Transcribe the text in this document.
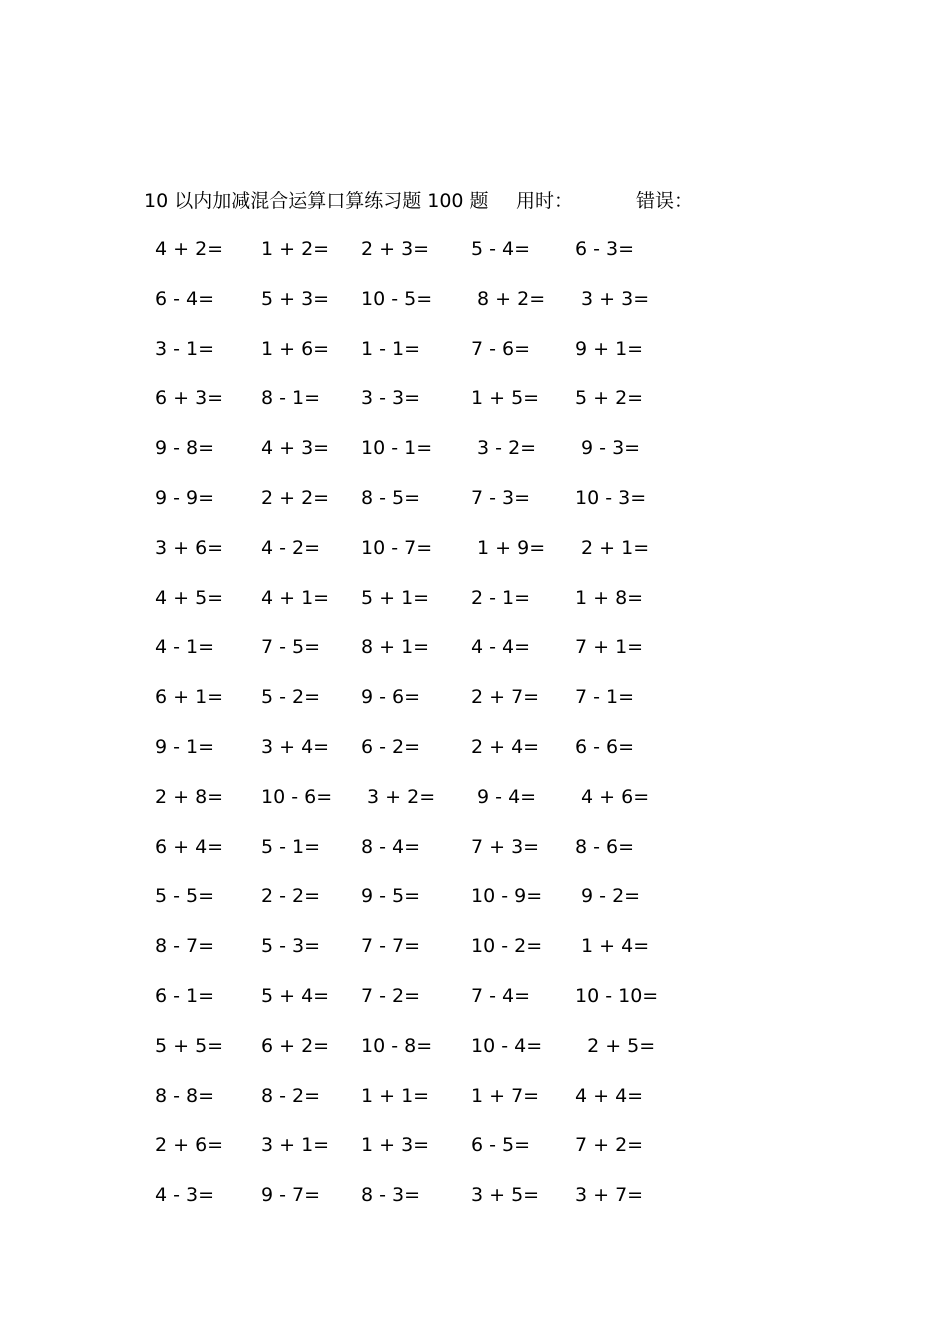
10 以内加减混合运算口算练习题 100 题 用时：	错误：
4 + 2= 1 + 2= 2 + 3= 5 - 4= 6 - 3=
6 - 4= 5 + 3= 10 - 5= 8 + 2= 3 + 3=
3 - 1= 1 + 6= 1 - 1=	7 - 6= 9 + 1=
6 + 3= 8 - 1= 3 - 3=	1 + 5= 5 + 2=
9 - 8= 4 + 3= 10 - 1= 3 - 2= 9 - 3=
9 - 9= 2 + 2= 8 - 5=	7 - 3= 10 - 3=
3 + 6= 4 - 2= 10 - 7= 1 + 9= 2 + 1=
4 + 5= 4 + 1= 5 + 1= 2 - 1= 1 + 8=
4 - 1= 7 - 5= 8 + 1= 4 - 4= 7 + 1=
6 + 1= 5 - 2= 9 - 6=	2 + 7= 7 - 1=
9 - 1= 3 + 4= 6 - 2=	2 + 4= 6 - 6=
2 + 8= 10 - 6= 3 + 2= 9 - 4= 4 + 6=
6 + 4= 5 - 1= 8 - 4=	7 + 3= 8 - 6=
5 - 5= 2 - 2= 9 - 5=	10 - 9= 9 - 2=
8 - 7= 5 - 3= 7 - 7=	10 - 2= 1 + 4=
6 - 1= 5 + 4= 7 - 2=	7 - 4= 10 - 10=
5 + 5= 6 + 2= 10 - 8= 10 - 4= 2 + 5=
8 - 8= 8 - 2= 1 + 1= 1 + 7= 4 + 4=
2 + 6= 3 + 1= 1 + 3= 6 - 5= 7 + 2=
4 - 3= 9 - 7= 8 - 3=	3 + 5= 3 + 7=
